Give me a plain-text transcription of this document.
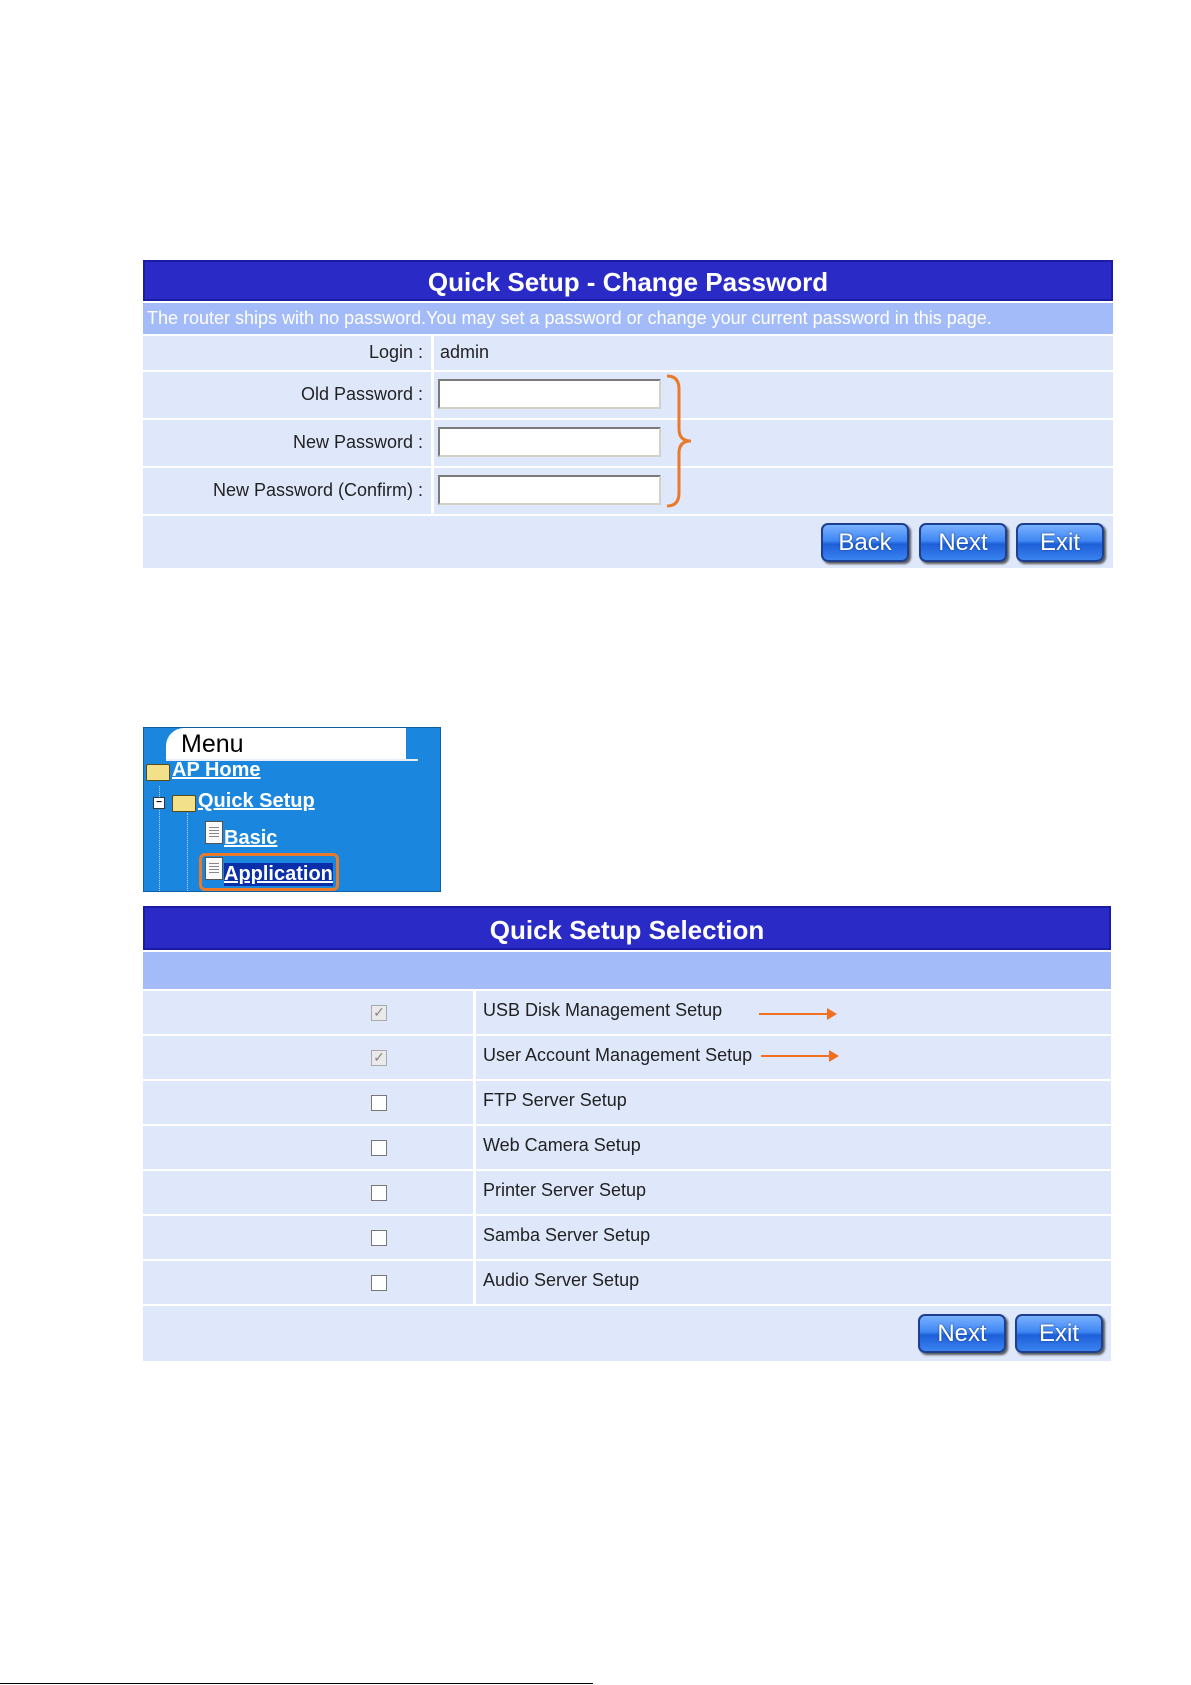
Quick Setup - Change Password
The router ships with no password.You may set a password or change your current password in this page.
Login : admin
Old Password :
New Password :
New Password (Confirm) :
Back	Next	Exit
Menu
AP Home
− Quick Setup
Basic
Application
Quick Setup Selection
✓	USB Disk Management Setup
✓	User Account Management Setup
FTP Server Setup
Web Camera Setup
Printer Server Setup
Samba Server Setup
Audio Server Setup
Next	Exit
